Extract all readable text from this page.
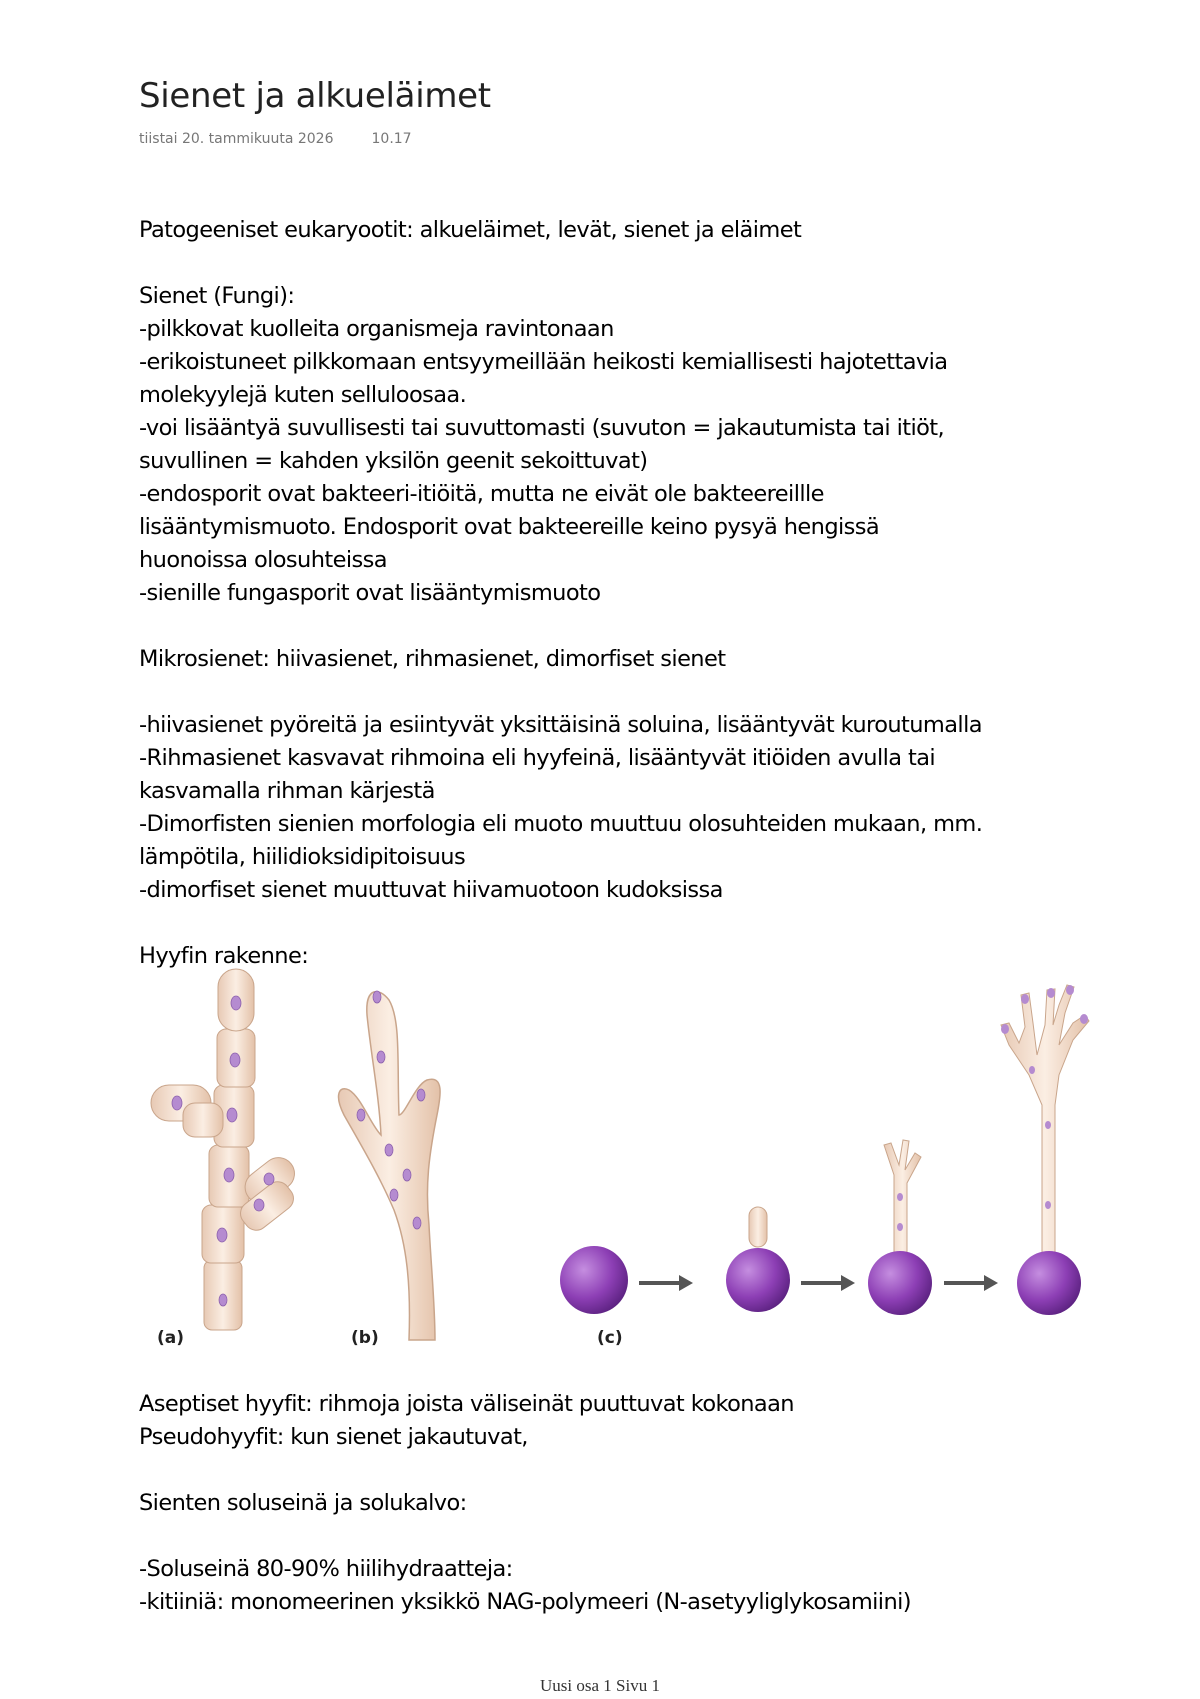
Sienet ja alkueläimet
tiistai 20. tammikuuta 2026	10.17

Patogeeniset eukaryootit: alkueläimet, levät, sienet ja eläimet

Sienet (Fungi):

-pilkkovat kuolleita organismeja ravintonaan

-erikoistuneet pilkkomaan entsyymeillään heikosti kemiallisesti hajotettavia

molekyylejä kuten selluloosaa.

-voi lisääntyä suvullisesti tai suvuttomasti (suvuton = jakautumista tai itiöt,

suvullinen = kahden yksilön geenit sekoittuvat)

-endosporit ovat bakteeri-itiöitä, mutta ne eivät ole bakteereillle

lisääntymismuoto. Endosporit ovat bakteereille keino pysyä hengissä

huonoissa olosuhteissa

-sienille fungasporit ovat lisääntymismuoto

Mikrosienet: hiivasienet, rihmasienet, dimorfiset sienet

-hiivasienet pyöreitä ja esiintyvät yksittäisinä soluina, lisääntyvät kuroutumalla

-Rihmasienet kasvavat rihmoina eli hyyfeinä, lisääntyvät itiöiden avulla tai

kasvamalla rihman kärjestä

-Dimorfisten sienien morfologia eli muoto muuttuu olosuhteiden mukaan, mm.

lämpötila, hiilidioksidipitoisuus

-dimorfiset sienet muuttuvat hiivamuotoon kudoksissa

Hyyfin rakenne:

(a)	(b)	(c)

Aseptiset hyyfit: rihmoja joista väliseinät puuttuvat kokonaan

Pseudohyyfit: kun sienet jakautuvat,

Sienten soluseinä ja solukalvo:

-Soluseinä 80-90% hiilihydraatteja:

-kitiiniä: monomeerinen yksikkö NAG-polymeeri (N-asetyyliglykosamiini)

Uusi osa 1 Sivu 1
